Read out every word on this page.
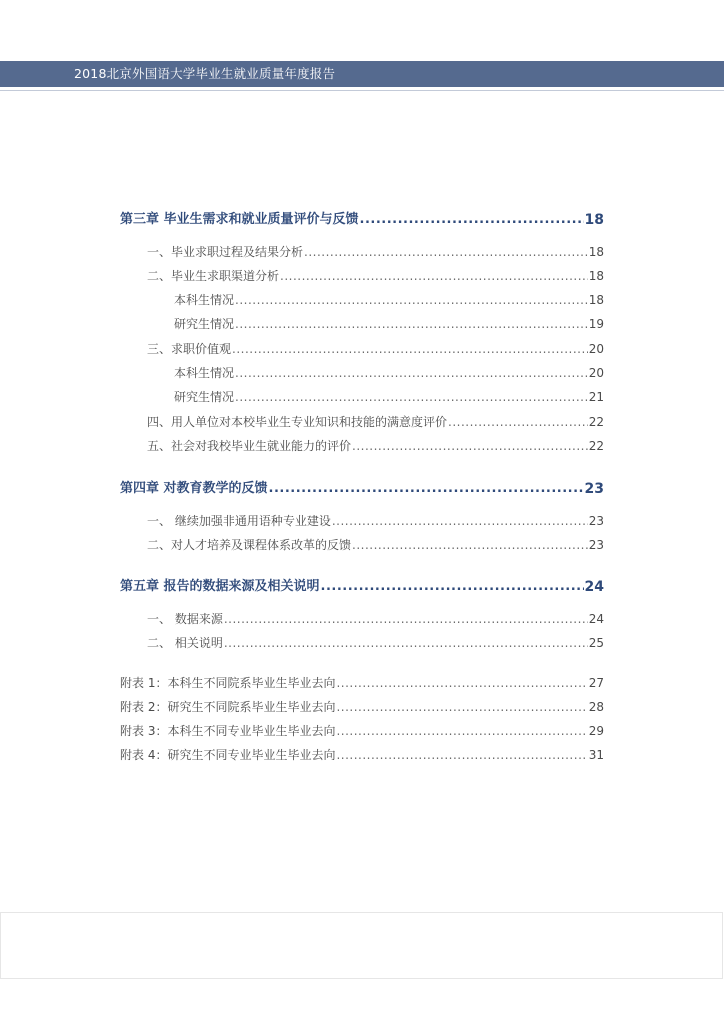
2018北京外国语大学毕业生就业质量年度报告
第三章 毕业生需求和就业质量评价与反馈 .....	18
一、毕业求职过程及结果分析 .....	18
二、毕业生求职渠道分析 .....	18
本科生情况 .....	18
研究生情况 .....	19
三、求职价值观 .....	20
本科生情况 .....	20
研究生情况 .....	21
四、用人单位对本校毕业生专业知识和技能的满意度评价 .....	22
五、社会对我校毕业生就业能力的评价 .....	22
第四章 对教育教学的反馈 .....	23
一、 继续加强非通用语种专业建设 .....	23
二、对人才培养及课程体系改革的反馈 .....	23
第五章 报告的数据来源及相关说明 .....	24
一、 数据来源 .....	24
二、 相关说明 .....	25
附表 1：本科生不同院系毕业生毕业去向 .....	27
附表 2：研究生不同院系毕业生毕业去向 .....	28
附表 3：本科生不同专业毕业生毕业去向 .....	29
附表 4：研究生不同专业毕业生毕业去向 .....	31
